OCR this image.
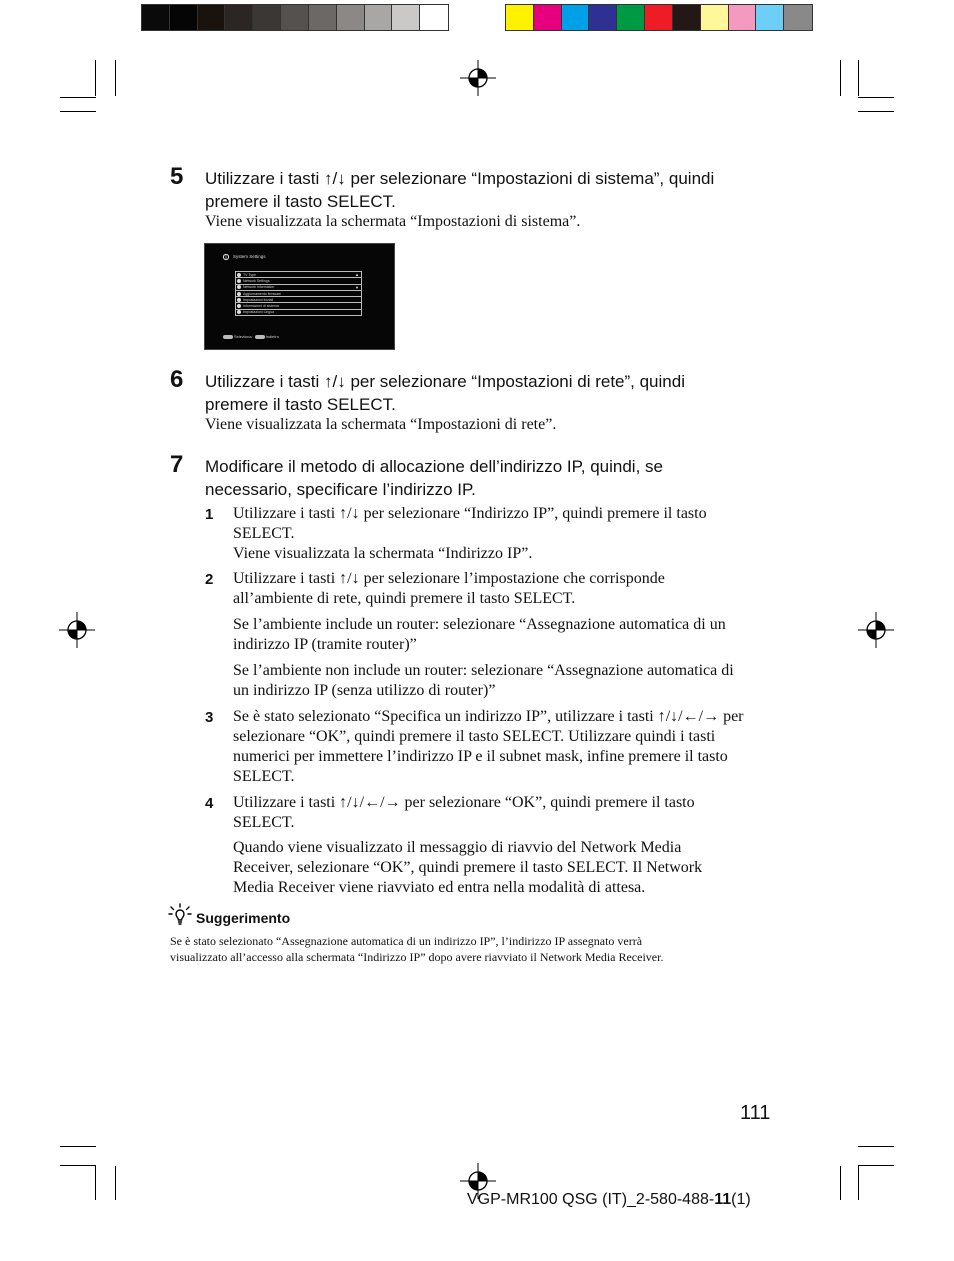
5 Utilizzare i tasti ↑/↓ per selezionare “Impostazioni di sistema”, quindi
premere il tasto SELECT.
Viene visualizzata la schermata “Impostazioni di sistema”.
System Settings
TV Type	▲
Network Settings
Network Information	▼
Aggiornamento firmware
Impostazioni iniziali
Informazioni di sistema
Impostazioni Lingua
Seleziona	Indietro
6 Utilizzare i tasti ↑/↓ per selezionare “Impostazioni di rete”, quindi
premere il tasto SELECT.
Viene visualizzata la schermata “Impostazioni di rete”.
7 Modificare il metodo di allocazione dell’indirizzo IP, quindi, se
necessario, specificare l’indirizzo IP.
1 Utilizzare i tasti ↑/↓ per selezionare “Indirizzo IP”, quindi premere il tasto
SELECT.
Viene visualizzata la schermata “Indirizzo IP”.
2 Utilizzare i tasti ↑/↓ per selezionare l’impostazione che corrisponde
all’ambiente di rete, quindi premere il tasto SELECT.
Se l’ambiente include un router: selezionare “Assegnazione automatica di un
indirizzo IP (tramite router)”
Se l’ambiente non include un router: selezionare “Assegnazione automatica di
un indirizzo IP (senza utilizzo di router)”
3 Se è stato selezionato “Specifica un indirizzo IP”, utilizzare i tasti ↑/↓/←/→ per
selezionare “OK”, quindi premere il tasto SELECT. Utilizzare quindi i tasti
numerici per immettere l’indirizzo IP e il subnet mask, infine premere il tasto
SELECT.
4 Utilizzare i tasti ↑/↓/←/→ per selezionare “OK”, quindi premere il tasto
SELECT.
Quando viene visualizzato il messaggio di riavvio del Network Media
Receiver, selezionare “OK”, quindi premere il tasto SELECT. Il Network
Media Receiver viene riavviato ed entra nella modalità di attesa.
Suggerimento
Se è stato selezionato “Assegnazione automatica di un indirizzo IP”, l’indirizzo IP assegnato verrà
visualizzato all’accesso alla schermata “Indirizzo IP” dopo avere riavviato il Network Media Receiver.
111
VGP-MR100 QSG (IT)_2-580-488-11(1)
